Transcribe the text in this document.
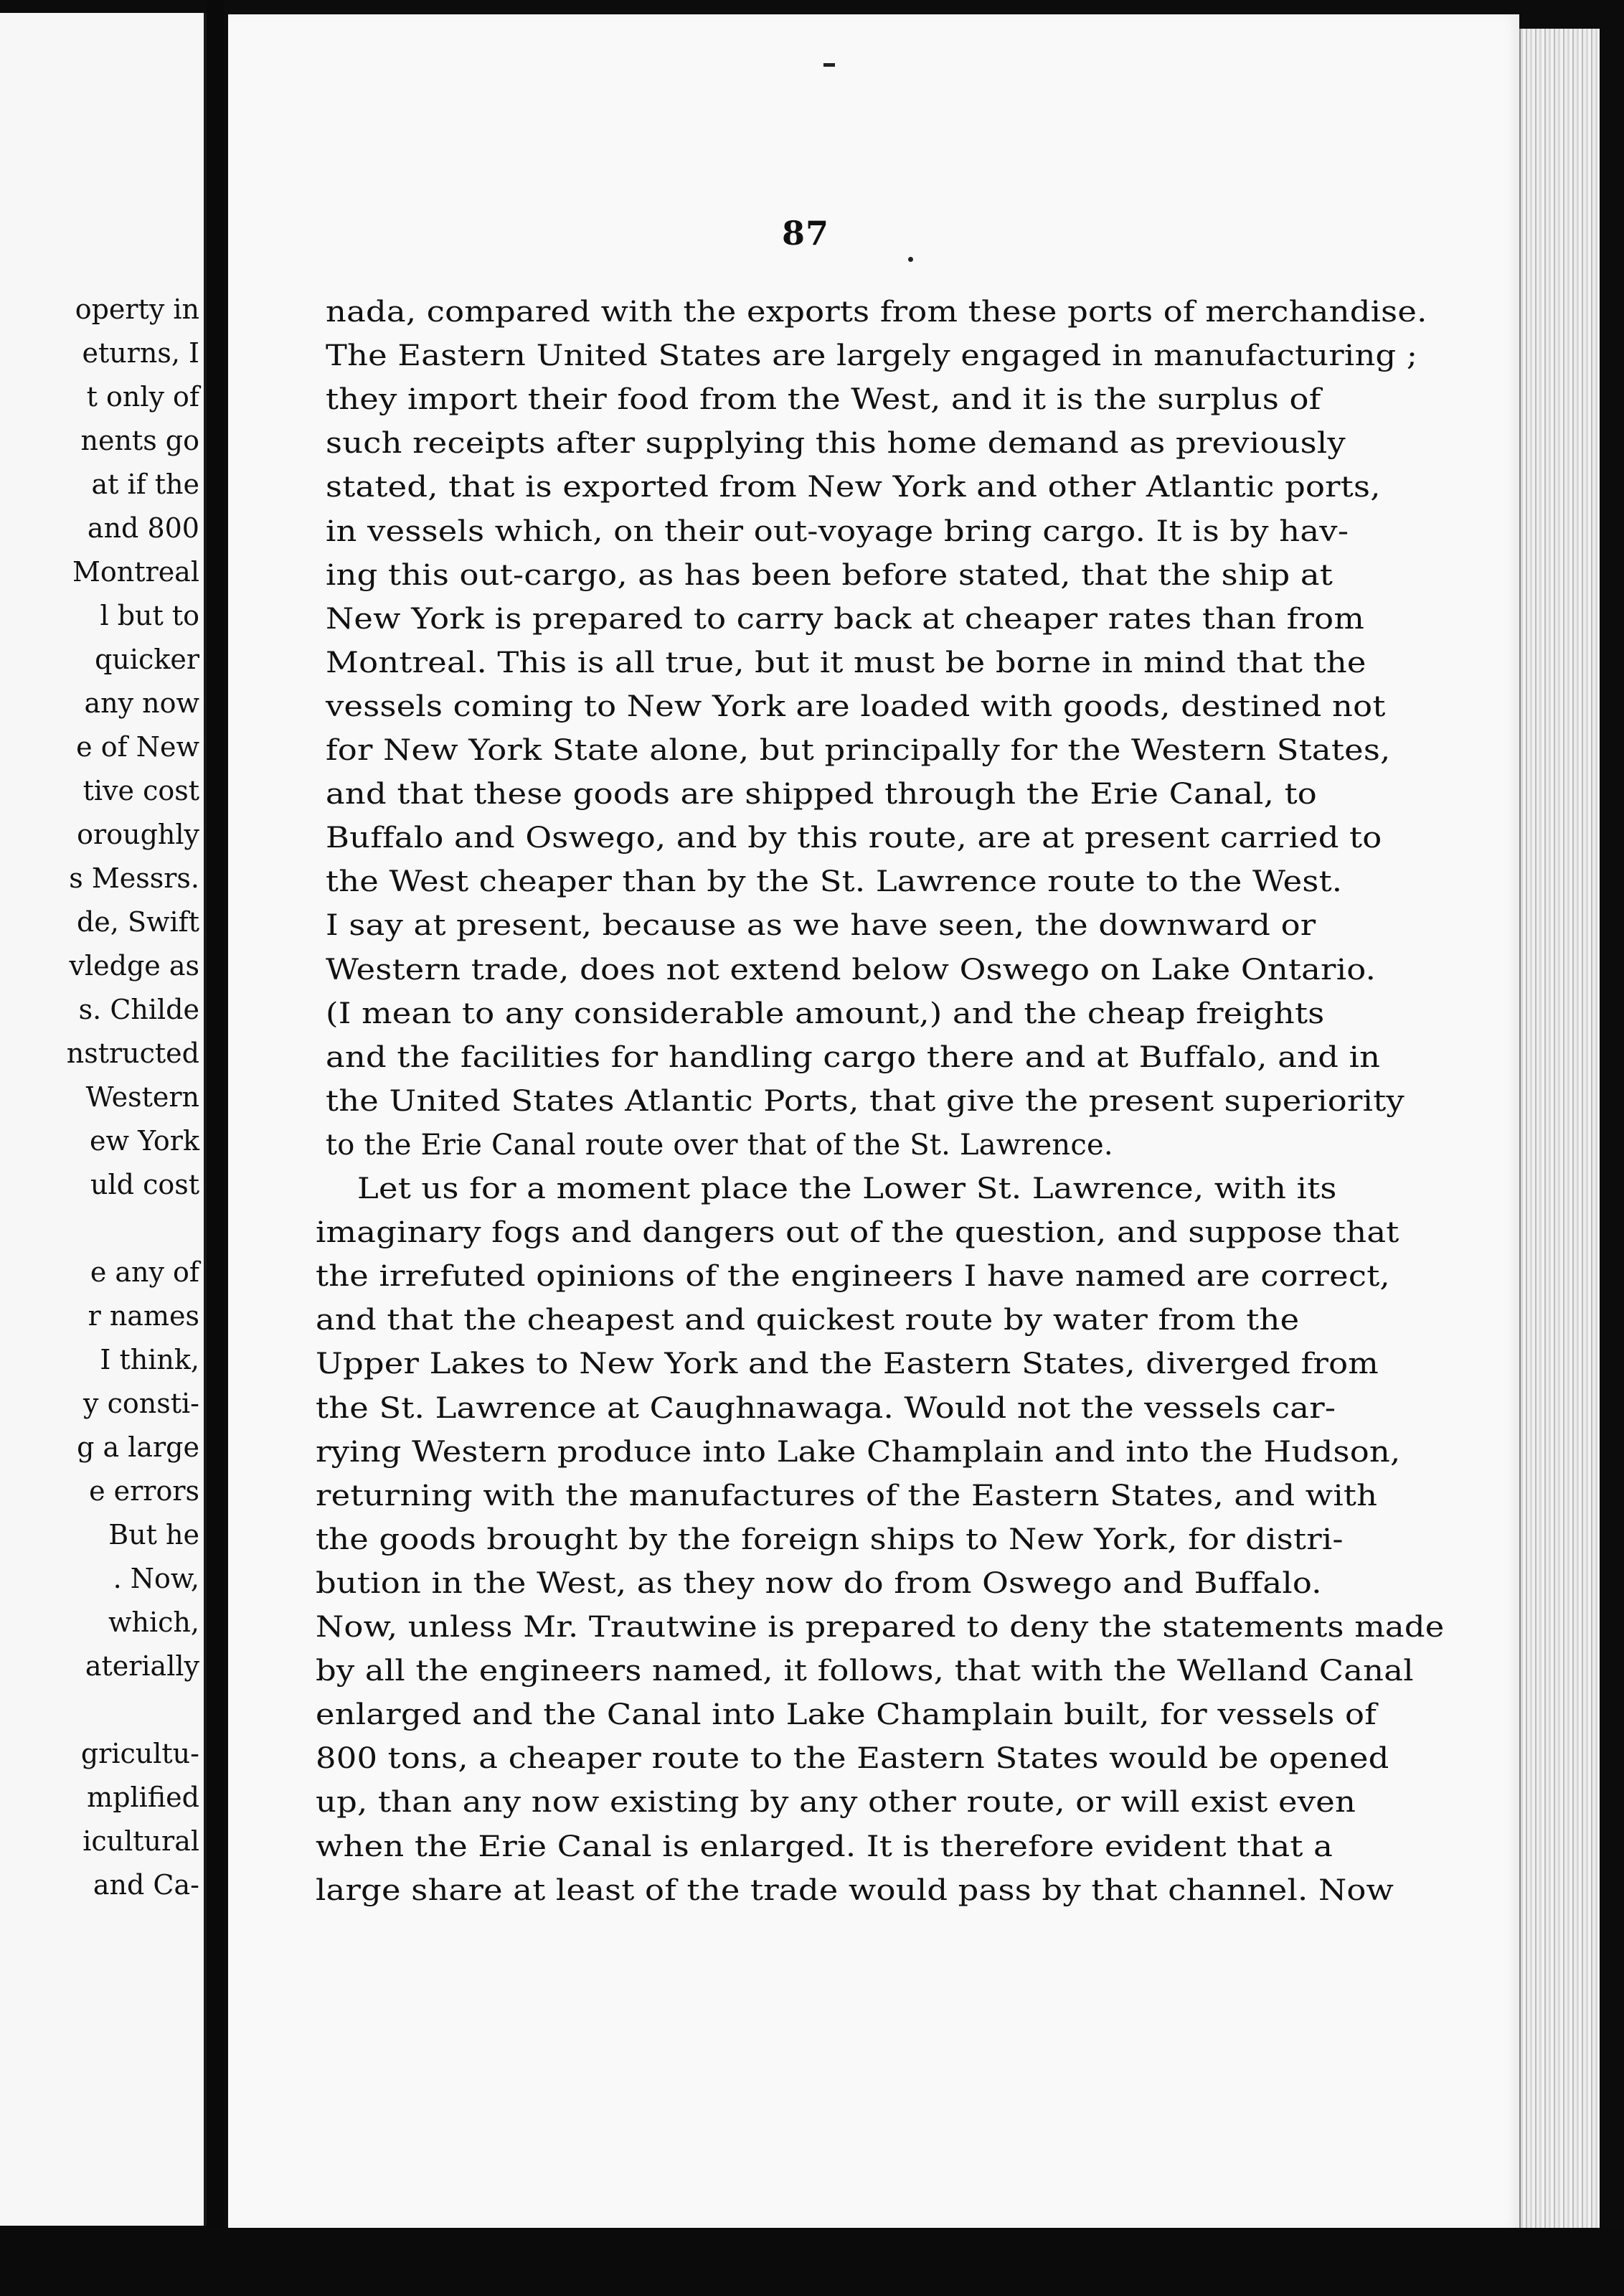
operty in
eturns, I
t only of
nents go
at if the
and 800
Montreal
l but to
quicker
any now
e of New
tive cost
oroughly
s Messrs.
de, Swift
vledge as
s. Childe
nstructed
Western
ew York
uld cost
e any of
r names
I think,
y consti-
g a large
e errors
But he
. Now,
which,
aterially
gricultu-
mplified
icultural
and Ca-
87
nada, compared with the exports from these ports of merchandise.
The Eastern United States are largely engaged in manufacturing ;
they import their food from the West, and it is the surplus of
such receipts after supplying this home demand as previously
stated, that is exported from New York and other Atlantic ports,
in vessels which, on their out-voyage bring cargo. It is by hav-
ing this out-cargo, as has been before stated, that the ship at
New York is prepared to carry back at cheaper rates than from
Montreal. This is all true, but it must be borne in mind that the
vessels coming to New York are loaded with goods, destined not
for New York State alone, but principally for the Western States,
and that these goods are shipped through the Erie Canal, to
Buffalo and Oswego, and by this route, are at present carried to
the West cheaper than by the St. Lawrence route to the West.
I say at present, because as we have seen, the downward or
Western trade, does not extend below Oswego on Lake Ontario.
(I mean to any considerable amount,) and the cheap freights
and the facilities for handling cargo there and at Buffalo, and in
the United States Atlantic Ports, that give the present superiority
to the Erie Canal route over that of the St. Lawrence.
Let us for a moment place the Lower St. Lawrence, with its
imaginary fogs and dangers out of the question, and suppose that
the irrefuted opinions of the engineers I have named are correct,
and that the cheapest and quickest route by water from the
Upper Lakes to New York and the Eastern States, diverged from
the St. Lawrence at Caughnawaga. Would not the vessels car-
rying Western produce into Lake Champlain and into the Hudson,
returning with the manufactures of the Eastern States, and with
the goods brought by the foreign ships to New York, for distri-
bution in the West, as they now do from Oswego and Buffalo.
Now, unless Mr. Trautwine is prepared to deny the statements made
by all the engineers named, it follows, that with the Welland Canal
enlarged and the Canal into Lake Champlain built, for vessels of
800 tons, a cheaper route to the Eastern States would be opened
up, than any now existing by any other route, or will exist even
when the Erie Canal is enlarged. It is therefore evident that a
large share at least of the trade would pass by that channel. Now
